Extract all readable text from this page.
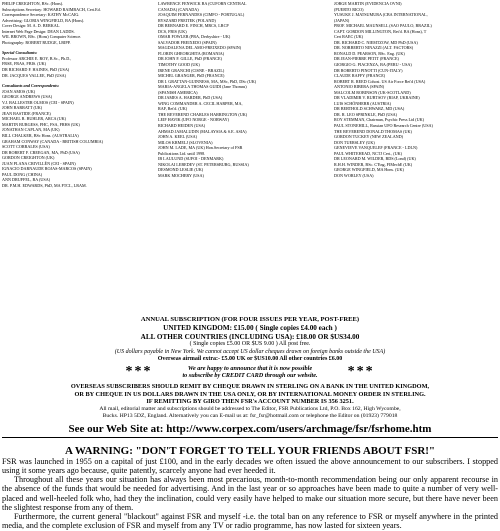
PHILIP CREIGHTON, BSc. (Hons).
Subscriptions Secretary: HOWARD RAIMBACH, Cert.Ed.
Correspondence Secretary: KATHY McCAIG.
Advertising: GLORIA WINGFIELD, BA (Hons).
Cover Design: M. A. D. BERKAL.
Internet Web Page Design: DEAN LADDS.
WIL BROWN, BSc. (Hons) Computer Science.
Photography: ROBERT RUDGE, LBIPP.
Special Consultants:
Professor ARCHIE E. ROY, B.Sc., Ph.D.,
FRSE, FRAS, FBIS. (UK)
DR RICHARD F. HAINES, PhD (USA)
DR. JACQUES VALLEE, PhD (USA)
Consultants and Correspondents:
JOAN AMOS (UK)
GEORGE ANDREWS (USA)
V.J. BALLESTER OLMOS (CEI - SPAIN)
JOHN BARRATT (UK)
JEAN BASTIDE (FRANCE)
MICHAEL R. BUHLER, ARCA (UK)
MARTIN BURGESS, FHC, FSA, FRHS (UK)
JONATHAN CAPLAN, MA (UK)
BILL CHALKER, BSc Hons. (AUSTRALIA)
GRAHAM CONWAY (CANADA - BRITISH COLUMBIA)
SCOTT CORRALES (USA)
DR ROBERT F. CREEGAN, MA, PhD (USA)
GORDON CREIGHTON (UK)
JUAN PLANA CRIVILLÉN (CEI - SPAIN)
IGNACIO DARNAUDE ROJAS-MARCOS (SPAIN)
PAUL DONG (CHINA)
ANN DRUFFEL, BA (USA)
DR. P.M.H. EDWARDS, PhD, MA FTCL, LRAM.
LAWRENCE FENWICK BA (CUFORN CENTRAL
CANADA) (CANADA)
JOAQUIM FERNANDES (CIMFO - PORTUGAL)
RYSZARD FREITEK (POLAND)
DR BERNARD E. FINCH, MRCS, LRCP
DCS, FBIS (UK)
OMAR FOWLER (PRA, Derbyshire - UK)
SALVADOR FREIXEDO (SPAIN)
MAGDALENA DEL AMO-FREIXEDO (SPAIN)
FLORIN GHEORGHITA (ROMANIA)
DR JOHN F. GILLE, PhD (FRANCE)
TIMOTHY GOOD (UK)
IRENE GRANCHI (CISNE - BRAZIL)
MICHEL GRANGER, PhD (FRANCE)
DR I. GRATTAN-GUINNESS, MA, MSc, PhD, DSc (UK)
MARIA-ANGELA THOMAS GUIDI (Jane Thomas)
(SPANISH AMERICA)
DR JAMES A. HARDER, PhD (USA)
WING COMMANDER A. CECIL HARPER, MA,
RAF, Ret'd. (UK)
THE REVEREND CHARLES HARRINGTON (UK)
LEIF HAVIK (UFO NORGE - NORWAY)
RICHARD HEIDEN (USA)
AHMAD JAMALUDIN (MALAYSIA & S.E. ASIA)
JOHN A. KEEL (USA)
MILOS KRMELJ (SLOVENIA)
JOHN M. LADE, MA (UK) Hon.Secretary of FSR
Publications Ltd. until 1998.
IB LAULUND (SUFOI - DENMARK)
NIKOLAI LEBEDEV (ST. PETERSBURG, RUSSIA)
DESMOND LESLIE (UK)
MARK MOCHERY (USA)
JORGE MARTIN (EVIDENCIA OVNI)
(PUERTO RICO)
YUSUKE J. MATSUMURA (CBA INTERNATIONAL,
(JAPAN)
PROF. MICHAEL MAUNSELL (SAO PAULO, BRAZIL)
CAPT. GORDON MILLINGTON, Ret'd. BA (Hons), T
Cert RAEC (UK)
DR. RICHARD C. NIEMTZOW, MD PhD (USA)
DR. NORBERTO NINAZZI (ALT. FACTORS)
RONALD D. PEARSON, BSc. Eng. (UK)
DR JEAN-PIERRE PETIT (FRANCE)
GIORGIO G. PIACENZA, BA (PERU - USA)
DR ROBERTO PINOTTI (CUN-ITALY)
CLAUDE RAFFY (FRANCE)
ROBERT R. REED Cohost. US Air Force Ret'd (USA)
ANTONIO RIBERA (SPAIN)
MALCOLM ROBINSON (UK-SCOTLAND)
DR VLADIMIR V. RUBTSOV (RIAP, UKRAINE)
LUIS SCHÖNHERR (AUSTRIA)
DR BERTHOLD SCHWARZ, MD (USA)
DR. R. LEO SPRINKLE, PhD (USA)
ROY STEMMAN, Chairman, Psychic Press Ltd (UK)
PAUL STONEHILL, Russian UFO Research Centre (USA)
THE REVEREND DONALD THOMAS (UK)
GORDON TUCKEY (NEW ZEALAND)
DON TUERSLEY (UK)
GENEVIEVE VANQUELEF (FRANCE - LDLN)
PAUL WHITEHEAD, NCTJ Cert., (UK)
DR LEONARD M. WILDER, BDS (Lond) (UK)
R.H.H. WINDER, BSc. C'Eng, FIMechE (UK)
GEORGE WINGFIELD, MA Hons. (UK)
DON WORLEY (USA)
ANNUAL SUBSCRIPTION (FOR FOUR ISSUES PER YEAR, POST-FREE)
UNITED KINGDOM: £15.00 ( Single copies £4.00 each )
ALL OTHER COUNTRIES (INCLUDING USA): £18.00 OR $US34.00
( Single copies £5.00 OR $US 9.00 ) All post free.
(US dollars payable in New York. We cannot accept US dollar cheques drawn on foreign banks outside the USA)
Overseas airmail extra:- £5.00 UK or $US10.00 All other countries £6.00
***	We are happy to announce that it is now possible
to subscribe by CREDIT CARD through our website. ***
OVERSEAS SUBSCRIBERS SHOULD REMIT BY CHEQUE DRAWN IN STERLING ON A BANK IN THE UNITED KINGDOM,
OR BY CHEQUE IN US DOLLARS DRAWN IN THE USA ONLY, OR BY INTERNATIONAL MONEY ORDER IN STERLING.
IF REMITTING BY GIRO THEN FSR's ACCOUNT NUMBER IS 356 3251.
All mail, editorial matter and subscriptions should be addressed to The Editor, FSR Publications Ltd, P.O. Box 162, High Wycombe,
Bucks. HP13 5DZ, England. Alternatively you can E-mail us at: fsr_fsr@hotmail.com or telephone the Editor on (01923) 779018
See our Web Site at: http://www.corpex.com/users/archmage/fsr/fsrhome.htm
A WARNING: "DON'T FORGET TO TELL YOUR FRIENDS ABOUT FSR!"

FSR was launched in 1955 on a capital of just £100, and in the early decades we often issued the above announcement to our subscribers. I stopped using it some years ago because, quite patently, scarcely anyone had ever heeded it.

Throughout all these years our situation has always been most precarious, month-to-month recommendation being our only apparent recourse in the absence of the funds that would be needed for advertising. And in the last year or so approaches have been made to quite a number of very well-placed and well-heeled folk who, had they the inclination, could very easily have helped to make our situation more secure, but there have never been the slightest response from any of them.

Furthermore, the current general "blackout" against FSR and myself -i.e. the total ban on any reference to FSR or myself anywhere in the printed media, and the complete exclusion of FSR and myself from any TV or radio programme, has now lasted for sixteen years.
